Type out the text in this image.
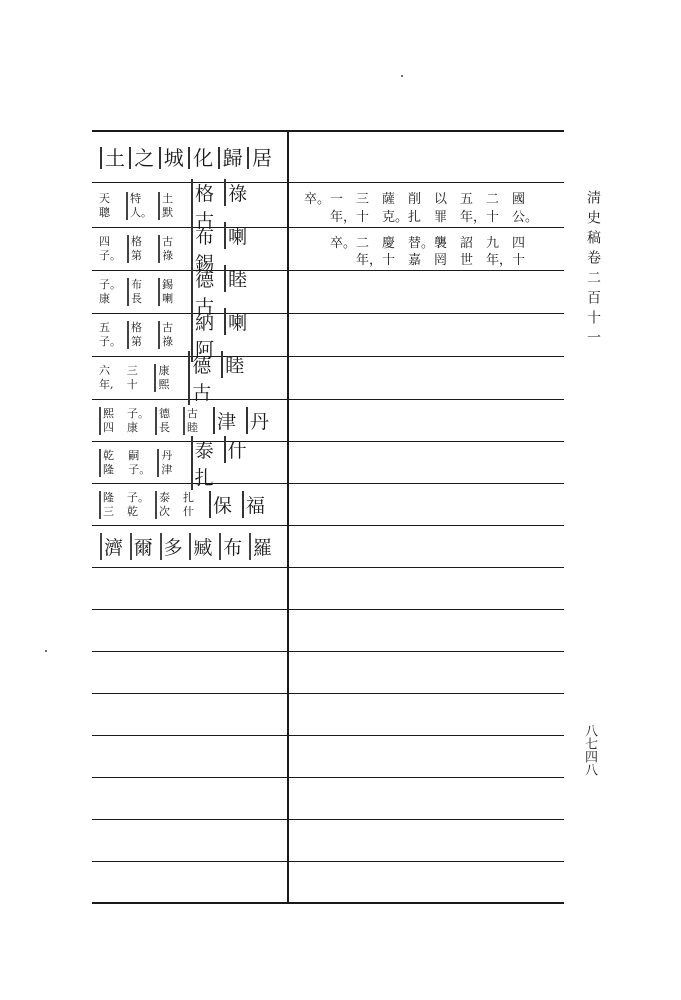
淸史稿卷二百十一
八七四八
土 之 城 化 歸 居
天聰
特人。
土默
格 祿古
四子。
格第
古祿
布 喇錫
子。康
布長
錫喇
德 睦古
五子。
格第
古祿
納 喇阿
六年,
三十
康熙
德 睦古
熙四
子。康
德長
古睦	津 丹
乾隆
嗣子。
丹津
泰 什扎
隆三
子。乾
泰次
扎什	保 福
濟 爾 多 臧 布 羅
卒。一　三　薩　削　以　五　二　國
　　年，十　克。扎　罪　年，十　公。
　　卒。二　慶　替。襲　詔　九　四
　　　　年，十　嘉　罔　世　年，十
